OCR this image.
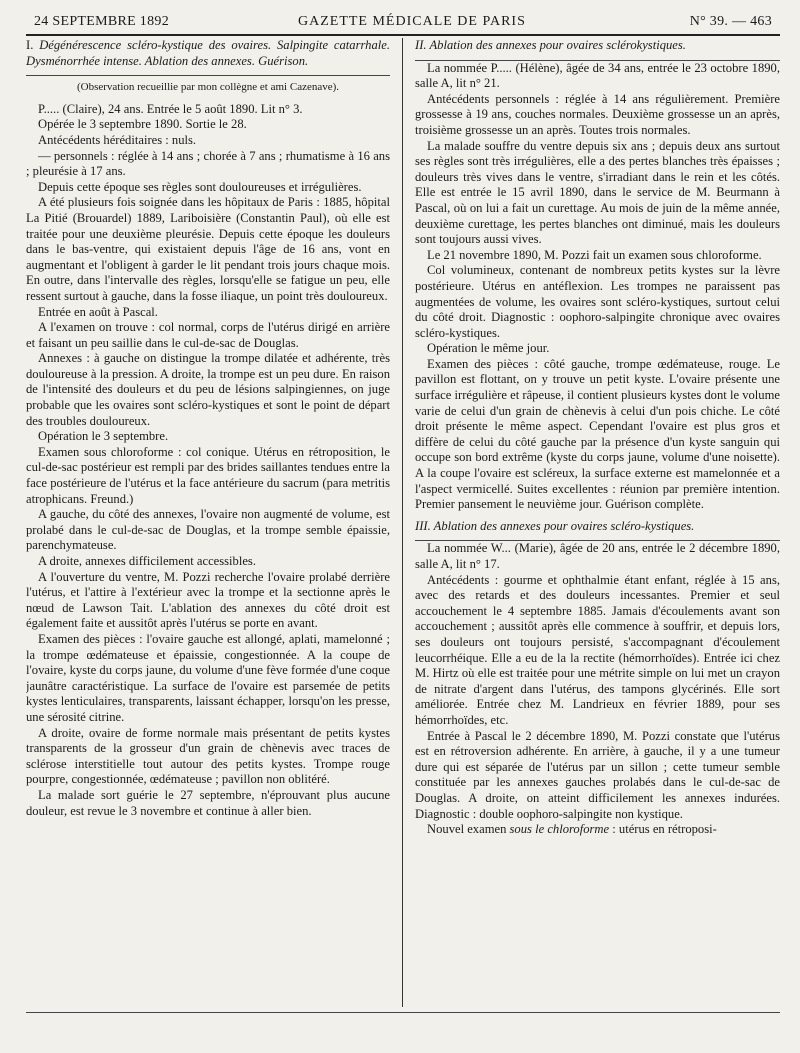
24 SEPTEMBRE 1892	GAZETTE MÉDICALE DE PARIS	N° 39. — 463

I. Dégénérescence scléro-kystique des ovaires. Salpingite catarrhale. Dysménorrhée intense. Ablation des annexes. Guérison.

(Observation recueillie par mon collègne et ami Cazenave).

P..... (Claire), 24 ans. Entrée le 5 août 1890. Lit n° 3.

Opérée le 3 septembre 1890. Sortie le 28.

Antécédents héréditaires : nuls.

— personnels : réglée à 14 ans ; chorée à 7 ans ; rhumatisme à 16 ans ; pleurésie à 17 ans.

Depuis cette époque ses règles sont douloureuses et irrégulières.

A été plusieurs fois soignée dans les hôpitaux de Paris : 1885, hôpital La Pitié (Brouardel) 1889, Lariboisière (Constantin Paul), où elle est traitée pour une deuxième pleurésie. Depuis cette époque les douleurs dans le bas-ventre, qui existaient depuis l'âge de 16 ans, vont en augmentant et l'obligent à garder le lit pendant trois jours chaque mois. En outre, dans l'intervalle des règles, lorsqu'elle se fatigue un peu, elle ressent surtout à gauche, dans la fosse iliaque, un point très douloureux.

Entrée en août à Pascal.

A l'examen on trouve : col normal, corps de l'utérus dirigé en arrière et faisant un peu saillie dans le cul-de-sac de Douglas.

Annexes : à gauche on distingue la trompe dilatée et adhérente, très douloureuse à la pression. A droite, la trompe est un peu dure. En raison de l'intensité des douleurs et du peu de lésions salpingiennes, on juge probable que les ovaires sont scléro-kystiques et sont le point de départ des troubles douloureux.

Opération le 3 septembre.

Examen sous chloroforme : col conique. Utérus en rétroposition, le cul-de-sac postérieur est rempli par des brides saillantes tendues entre la face postérieure de l'utérus et la face antérieure du sacrum (para metritis atrophicans. Freund.)

A gauche, du côté des annexes, l'ovaire non augmenté de volume, est prolabé dans le cul-de-sac de Douglas, et la trompe semble épaissie, parenchymateuse.

A droite, annexes difficilement accessibles.

A l'ouverture du ventre, M. Pozzi recherche l'ovaire prolabé derrière l'utérus, et l'attire à l'extérieur avec la trompe et la sectionne après le nœud de Lawson Tait. L'ablation des annexes du côté droit est également faite et aussitôt après l'utérus se porte en avant.

Examen des pièces : l'ovaire gauche est allongé, aplati, mamelonné ; la trompe œdémateuse et épaissie, congestionnée. A la coupe de l'ovaire, kyste du corps jaune, du volume d'une fève formée d'une coque jaunâtre caractéristique. La surface de l'ovaire est parsemée de petits kystes lenticulaires, transparents, laissant échapper, lorsqu'on les presse, une sérosité citrine.

A droite, ovaire de forme normale mais présentant de petits kystes transparents de la grosseur d'un grain de chènevis avec traces de sclérose interstitielle tout autour des petits kystes. Trompe rouge pourpre, congestionnée, œdémateuse ; pavillon non oblitéré.

La malade sort guérie le 27 septembre, n'éprouvant plus aucune douleur, est revue le 3 novembre et continue à aller bien.

II. Ablation des annexes pour ovaires sclérokystiques.

La nommée P..... (Hélène), âgée de 34 ans, entrée le 23 octobre 1890, salle A, lit n° 21.

Antécédents personnels : réglée à 14 ans régulièrement. Première grossesse à 19 ans, couches normales. Deuxième grossesse un an après, troisième grossesse un an après. Toutes trois normales.

La malade souffre du ventre depuis six ans ; depuis deux ans surtout ses règles sont très irrégulières, elle a des pertes blanches très épaisses ; douleurs très vives dans le ventre, s'irradiant dans le rein et les côtés. Elle est entrée le 15 avril 1890, dans le service de M. Beurmann à Pascal, où on lui a fait un curettage. Au mois de juin de la même année, deuxième curettage, les pertes blanches ont diminué, mais les douleurs sont toujours aussi vives.

Le 21 novembre 1890, M. Pozzi fait un examen sous chloroforme.

Col volumineux, contenant de nombreux petits kystes sur la lèvre postérieure. Utérus en antéflexion. Les trompes ne paraissent pas augmentées de volume, les ovaires sont scléro-kystiques, surtout celui du côté droit. Diagnostic : oophoro-salpingite chronique avec ovaires scléro-kystiques.

Opération le même jour.

Examen des pièces : côté gauche, trompe œdémateuse, rouge. Le pavillon est flottant, on y trouve un petit kyste. L'ovaire présente une surface irrégulière et râpeuse, il contient plusieurs kystes dont le volume varie de celui d'un grain de chènevis à celui d'un pois chiche. Le côté droit présente le même aspect. Cependant l'ovaire est plus gros et diffère de celui du côté gauche par la présence d'un kyste sanguin qui occupe son bord extrême (kyste du corps jaune, volume d'une noisette). A la coupe l'ovaire est scléreux, la surface externe est mamelonnée et a l'aspect vermicellé. Suites excellentes : réunion par première intention. Premier pansement le neuvième jour. Guérison complète.

III. Ablation des annexes pour ovaires scléro-kystiques.

La nommée W... (Marie), âgée de 20 ans, entrée le 2 décembre 1890, salle A, lit n° 17.

Antécédents : gourme et ophthalmie étant enfant, réglée à 15 ans, avec des retards et des douleurs incessantes. Premier et seul accouchement le 4 septembre 1885. Jamais d'écoulements avant son accouchement ; aussitôt après elle commence à souffrir, et depuis lors, ses douleurs ont toujours persisté, s'accompagnant d'écoulement leucorrhéique. Elle a eu de la la rectite (hémorrhoïdes). Entrée ici chez M. Hirtz où elle est traitée pour une métrite simple on lui met un crayon de nitrate d'argent dans l'utérus, des tampons glycérinés. Elle sort améliorée. Entrée chez M. Landrieux en février 1889, pour ses hémorrhoïdes, etc.

Entrée à Pascal le 2 décembre 1890, M. Pozzi constate que l'utérus est en rétroversion adhérente. En arrière, à gauche, il y a une tumeur dure qui est séparée de l'utérus par un sillon ; cette tumeur semble constituée par les annexes gauches prolabés dans le cul-de-sac de Douglas. A droite, on atteint difficilement les annexes indurées. Diagnostic : double oophoro-salpingite non kystique.

Nouvel examen sous le chloroforme : utérus en rétroposi-
